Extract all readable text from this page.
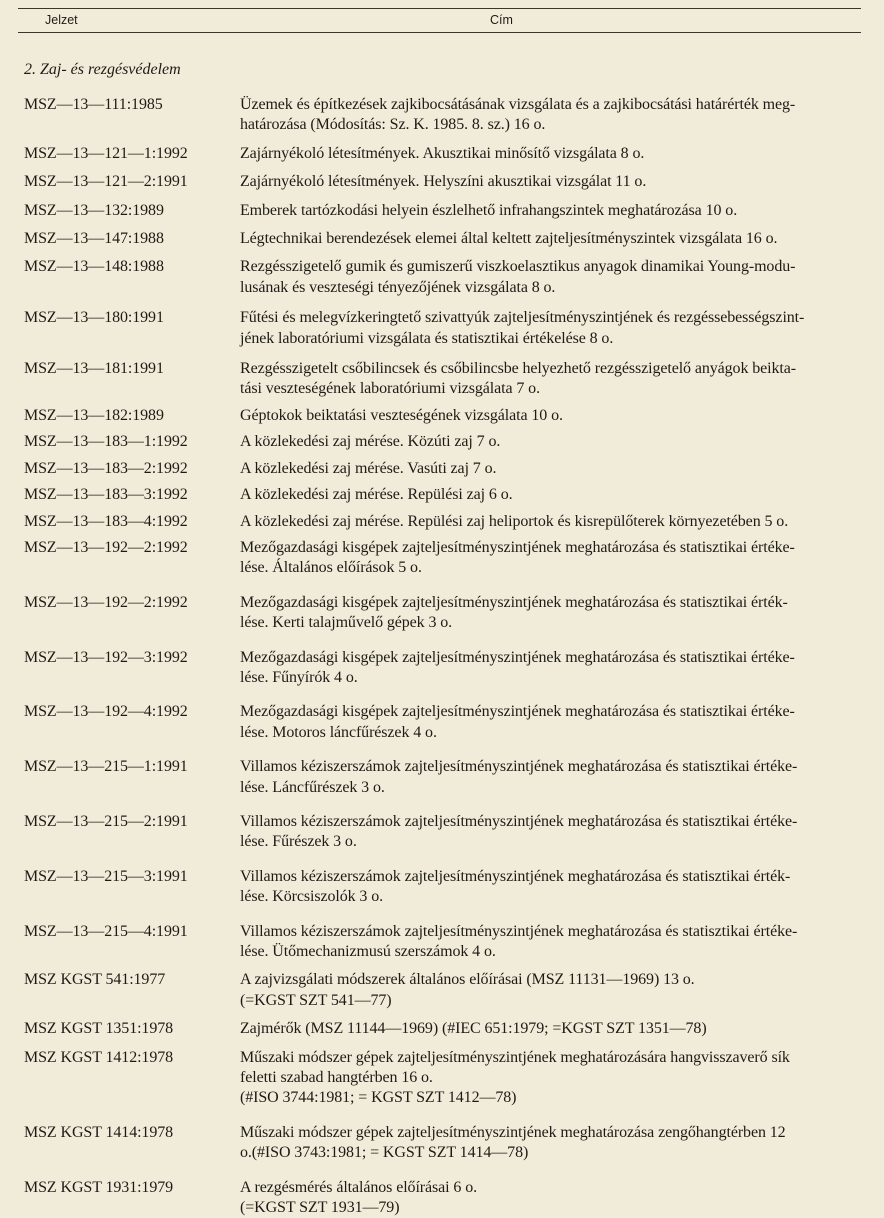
Jelzet	Cím
2. Zaj- és rezgésvédelem
MSZ—13—111:1985	Üzemek és építkezések zajkibocsátásának vizsgálata és a zajkibocsátási határérték meg-
határozása (Módosítás: Sz. K. 1985. 8. sz.) 16 o.
MSZ—13—121—1:1992	Zajárnyékoló létesítmények. Akusztikai minősítő vizsgálata 8 o.
MSZ—13—121—2:1991	Zajárnyékoló létesítmények. Helyszíni akusztikai vizsgálat 11 o.
MSZ—13—132:1989	Emberek tartózkodási helyein észlelhető infrahangszintek meghatározása 10 o.
MSZ—13—147:1988	Légtechnikai berendezések elemei által keltett zajteljesítményszintek vizsgálata 16 o.
MSZ—13—148:1988	Rezgésszigetelő gumik és gumiszerű viszkoelasztikus anyagok dinamikai Young-modu-
lusának és veszteségi tényezőjének vizsgálata 8 o.
MSZ—13—180:1991	Fűtési és melegvízkeringtető szivattyúk zajteljesítményszintjének és rezgéssebességszint-
jének laboratóriumi vizsgálata és statisztikai értékelése 8 o.
MSZ—13—181:1991	Rezgésszigetelt csőbilincsek és csőbilincsbe helyezhető rezgésszigetelő anyágok beikta-
tási veszteségének laboratóriumi vizsgálata 7 o.
MSZ—13—182:1989	Géptokok beiktatási veszteségének vizsgálata 10 o.
MSZ—13—183—1:1992	A közlekedési zaj mérése. Közúti zaj 7 o.
MSZ—13—183—2:1992	A közlekedési zaj mérése. Vasúti zaj 7 o.
MSZ—13—183—3:1992	A közlekedési zaj mérése. Repülési zaj 6 o.
MSZ—13—183—4:1992	A közlekedési zaj mérése. Repülési zaj heliportok és kisrepülőterek környezetében 5 o.
MSZ—13—192—2:1992	Mezőgazdasági kisgépek zajteljesítményszintjének meghatározása és statisztikai értéke-
lése. Általános előírások 5 o.
MSZ—13—192—2:1992	Mezőgazdasági kisgépek zajteljesítményszintjének meghatározása és statisztikai érték-
lése. Kerti talajművelő gépek 3 o.
MSZ—13—192—3:1992	Mezőgazdasági kisgépek zajteljesítményszintjének meghatározása és statisztikai értéke-
lése. Fűnyírók 4 o.
MSZ—13—192—4:1992	Mezőgazdasági kisgépek zajteljesítményszintjének meghatározása és statisztikai értéke-
lése. Motoros láncfűrészek 4 o.
MSZ—13—215—1:1991	Villamos kéziszerszámok zajteljesítményszintjének meghatározása és statisztikai értéke-
lése. Láncfűrészek 3 o.
MSZ—13—215—2:1991	Villamos kéziszerszámok zajteljesítményszintjének meghatározása és statisztikai értéke-
lése. Fűrészek 3 o.
MSZ—13—215—3:1991	Villamos kéziszerszámok zajteljesítményszintjének meghatározása és statisztikai érték-
lése. Körcsiszolók 3 o.
MSZ—13—215—4:1991	Villamos kéziszerszámok zajteljesítményszintjének meghatározása és statisztikai értéke-
lése. Ütőmechanizmusú szerszámok 4 o.
MSZ KGST 541:1977	A zajvizsgálati módszerek általános előírásai (MSZ 11131—1969) 13 o.
(=KGST SZT 541—77)
MSZ KGST 1351:1978	Zajmérők (MSZ 11144—1969) (#IEC 651:1979; =KGST SZT 1351—78)
MSZ KGST 1412:1978	Műszaki módszer gépek zajteljesítményszintjének meghatározására hangvisszaverő sík
feletti szabad hangtérben 16 o.
(#ISO 3744:1981; = KGST SZT 1412—78)
MSZ KGST 1414:1978	Műszaki módszer gépek zajteljesítményszintjének meghatározása zengőhangtérben 12
o.(#ISO 3743:1981; = KGST SZT 1414—78)
MSZ KGST 1931:1979	A rezgésmérés általános előírásai 6 o.
(=KGST SZT 1931—79)
